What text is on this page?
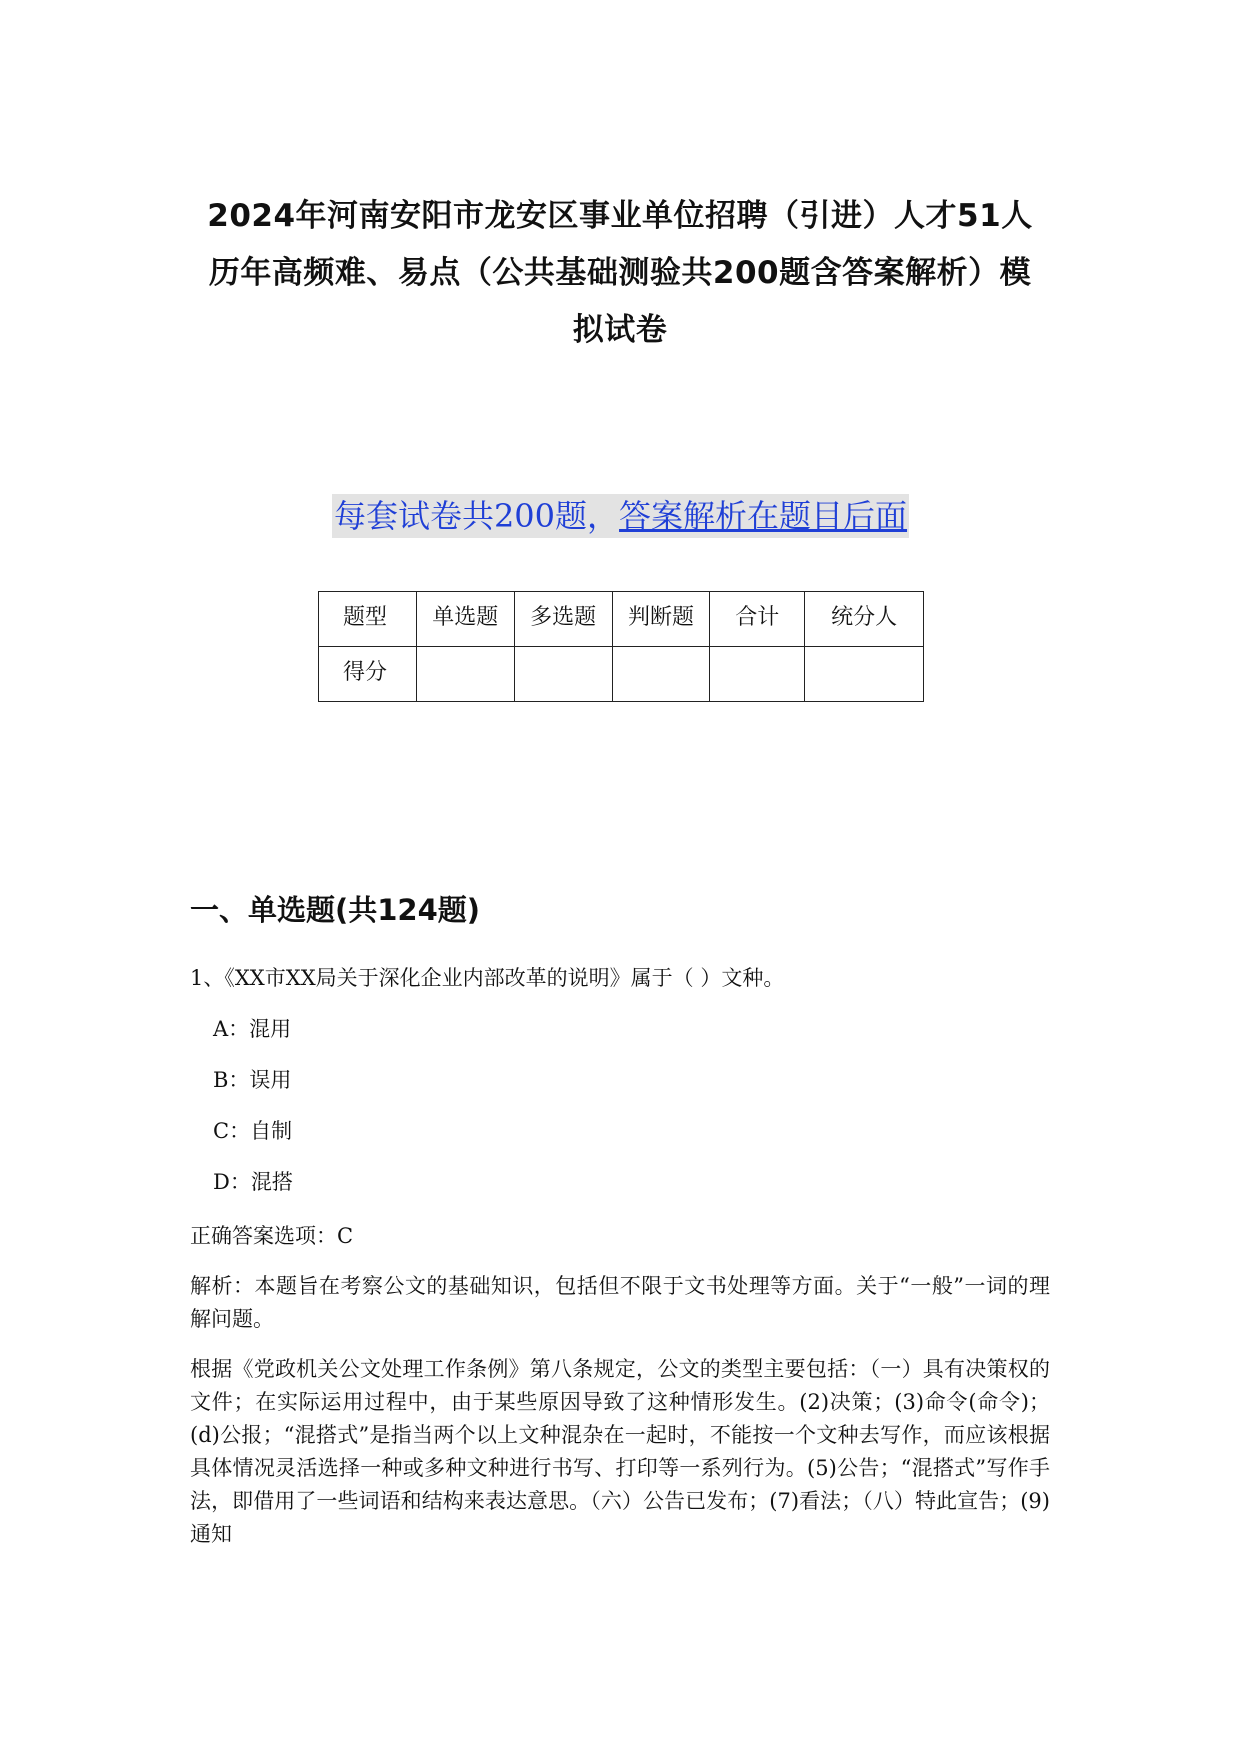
2024年河南安阳市龙安区事业单位招聘（引进）人才51人
历年高频难、易点（公共基础测验共200题含答案解析）模
拟试卷
每套试卷共200题，答案解析在题目后面
题型	单选题	多选题	判断题	合计	统分人
得分					
一、单选题(共124题)
1、《XX市XX局关于深化企业内部改革的说明》属于（ ）文种。
A：混用
B：误用
C：自制
D：混搭
正确答案选项：C
解析：本题旨在考察公文的基础知识，包括但不限于文书处理等方面。关于“一般”一词的理解问题。
根据《党政机关公文处理工作条例》第八条规定，公文的类型主要包括：（一）具有决策权的文件；在实际运用过程中，由于某些原因导致了这种情形发生。(2)决策；(3)命令(命令)；(d)公报；“混搭式”是指当两个以上文种混杂在一起时，不能按一个文种去写作，而应该根据具体情况灵活选择一种或多种文种进行书写、打印等一系列行为。(5)公告；“混搭式”写作手法，即借用了一些词语和结构来表达意思。（六）公告已发布；(7)看法；（八）特此宣告；(9)通知
